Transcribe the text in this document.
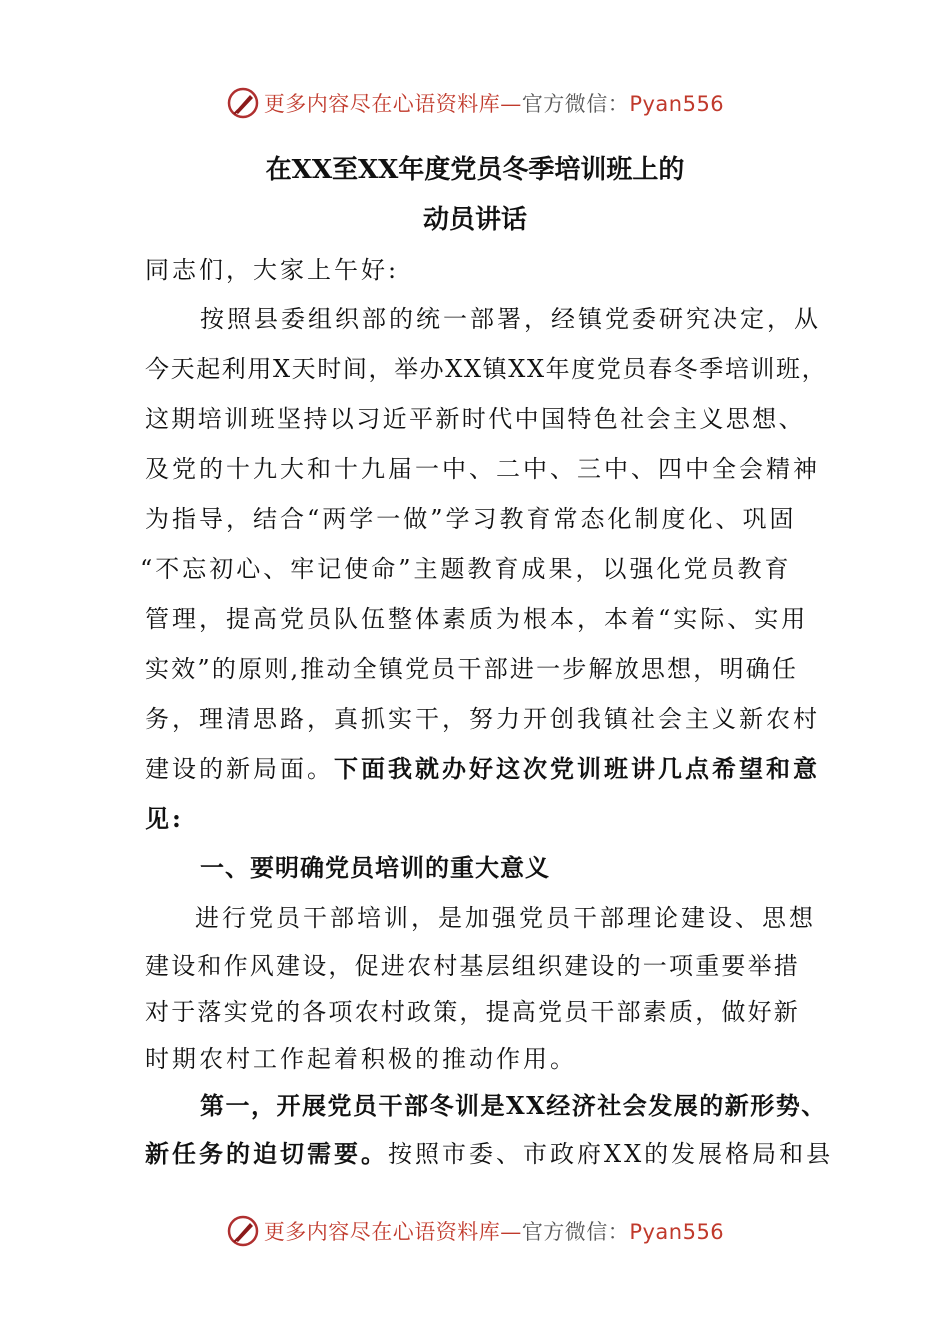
更多内容尽在心语资料库—官方微信：Pyan556
在XX至XX年度党员冬季培训班上的
动员讲话
同志们，大家上午好:
按照县委组织部的统一部署，经镇党委研究决定，从
今天起利用X天时间，举办XX镇XX年度党员春冬季培训班，
这期培训班坚持以习近平新时代中国特色社会主义思想、
及党的十九大和十九届一中、二中、三中、四中全会精神
为指导，结合“两学一做”学习教育常态化制度化、巩固
“不忘初心、牢记使命”主题教育成果，以强化党员教育
管理，提高党员队伍整体素质为根本，本着“实际、实用
实效”的原则,推动全镇党员干部进一步解放思想，明确任
务，理清思路，真抓实干，努力开创我镇社会主义新农村
建设的新局面。下面我就办好这次党训班讲几点希望和意
见:
一、要明确党员培训的重大意义
进行党员干部培训，是加强党员干部理论建设、思想
建设和作风建设，促进农村基层组织建设的一项重要举措
对于落实党的各项农村政策，提高党员干部素质，做好新
时期农村工作起着积极的推动作用。
第一，开展党员干部冬训是XX经济社会发展的新形势、
新任务的迫切需要。按照市委、市政府XX的发展格局和县
更多内容尽在心语资料库—官方微信：Pyan556
